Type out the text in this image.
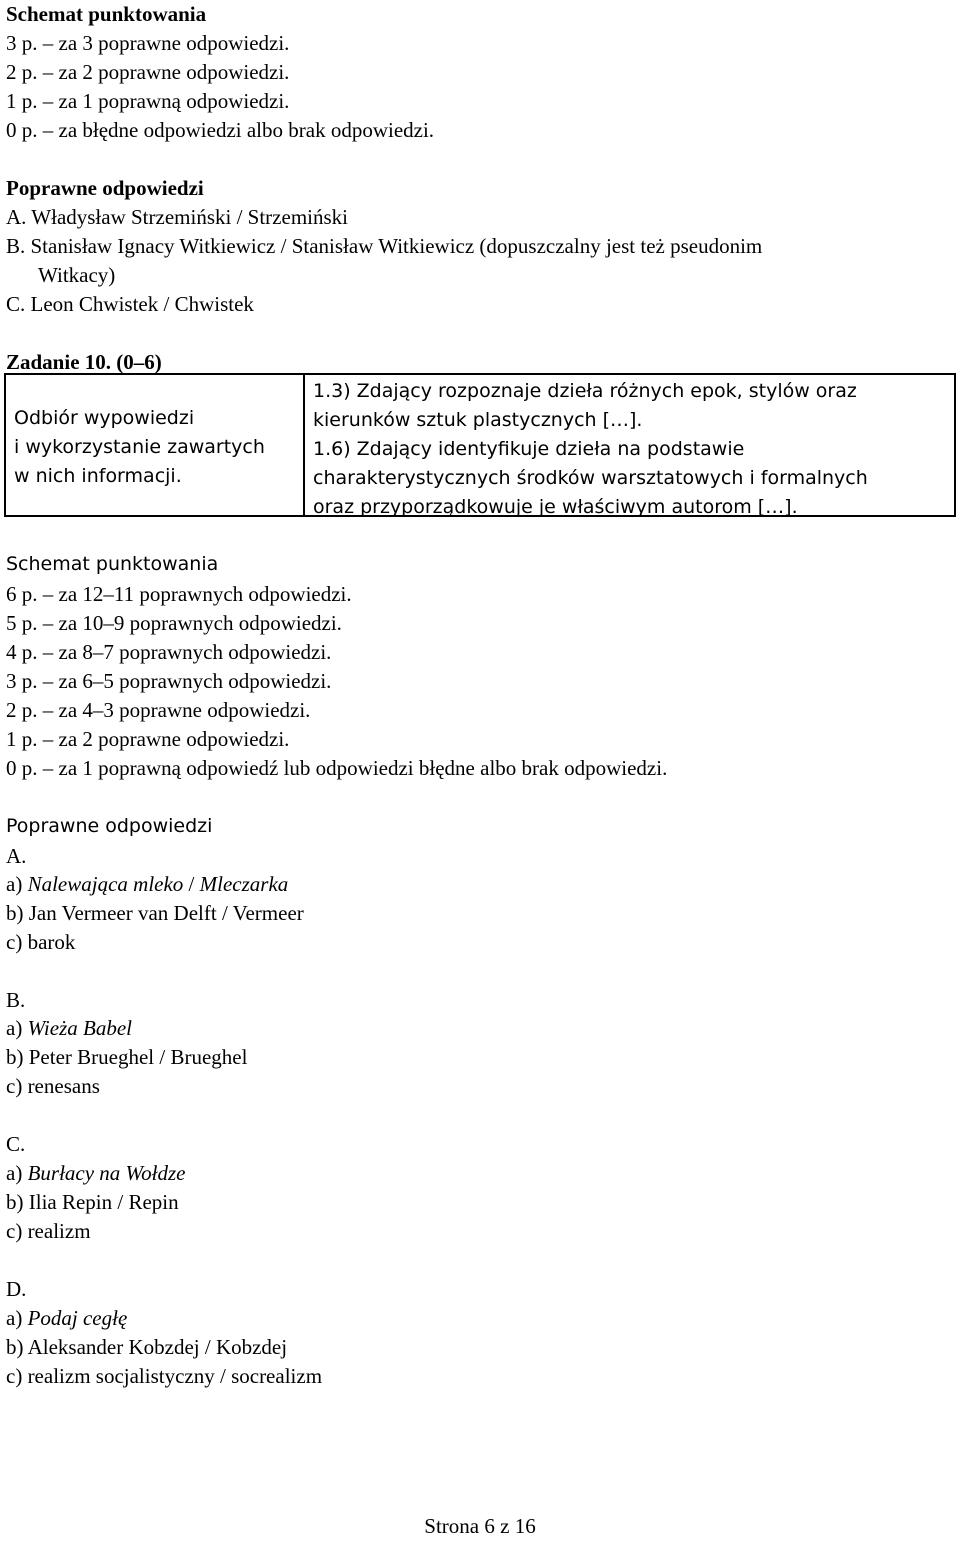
Schemat punktowania
3 p. – za 3 poprawne odpowiedzi.
2 p. – za 2 poprawne odpowiedzi.
1 p. – za 1 poprawną odpowiedzi.
0 p. – za błędne odpowiedzi albo brak odpowiedzi.
Poprawne odpowiedzi
A. Władysław Strzemiński / Strzemiński
B. Stanisław Ignacy Witkiewicz / Stanisław Witkiewicz (dopuszczalny jest też pseudonim
Witkacy)
C. Leon Chwistek / Chwistek
Zadanie 10. (0–6)
Odbiór wypowiedzi
i wykorzystanie zawartych
w nich informacji.
1.3) Zdający rozpoznaje dzieła różnych epok, stylów oraz
kierunków sztuk plastycznych […].
1.6) Zdający identyfikuje dzieła na podstawie
charakterystycznych środków warsztatowych i formalnych
oraz przyporządkowuje je właściwym autorom […].
Schemat punktowania
6 p. – za 12–11 poprawnych odpowiedzi.
5 p. – za 10–9 poprawnych odpowiedzi.
4 p. – za 8–7 poprawnych odpowiedzi.
3 p. – za 6–5 poprawnych odpowiedzi.
2 p. – za 4–3 poprawne odpowiedzi.
1 p. – za 2 poprawne odpowiedzi.
0 p. – za 1 poprawną odpowiedź lub odpowiedzi błędne albo brak odpowiedzi.
Poprawne odpowiedzi
A.
a) Nalewająca mleko / Mleczarka
b) Jan Vermeer van Delft / Vermeer
c) barok
B.
a) Wieża Babel
b) Peter Brueghel / Brueghel
c) renesans
C.
a) Burłacy na Wołdze
b) Ilia Repin / Repin
c) realizm
D.
a) Podaj cegłę
b) Aleksander Kobzdej / Kobzdej
c) realizm socjalistyczny / socrealizm
Strona 6 z 16
